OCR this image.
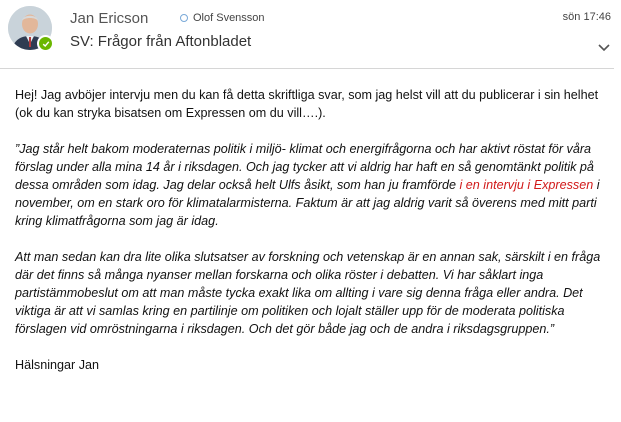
Jan Ericson	Olof Svensson	sön 17:46
SV: Frågor från Aftonbladet

Hej! Jag avböjer intervju men du kan få detta skriftliga svar, som jag helst vill att du publicerar i sin helhet (ok du kan stryka bisatsen om Expressen om du vill….).

”Jag står helt bakom moderaternas politik i miljö- klimat och energifrågorna och har aktivt röstat för våra förslag under alla mina 14 år i riksdagen. Och jag tycker att vi aldrig har haft en så genomtänkt politik på dessa områden som idag. Jag delar också helt Ulfs åsikt, som han ju framförde i en intervju i Expressen i november, om en stark oro för klimatalarmisterna. Faktum är att jag aldrig varit så överens med mitt parti kring klimatfrågorna som jag är idag.

Att man sedan kan dra lite olika slutsatser av forskning och vetenskap är en annan sak, särskilt i en fråga där det finns så många nyanser mellan forskarna och olika röster i debatten. Vi har såklart inga partistämmobeslut om att man måste tycka exakt lika om allting i vare sig denna fråga eller andra. Det viktiga är att vi samlas kring en partilinje om politiken och lojalt ställer upp för de moderata politiska förslagen vid omröstningarna i riksdagen. Och det gör både jag och de andra i riksdagsgruppen.”

Hälsningar Jan
